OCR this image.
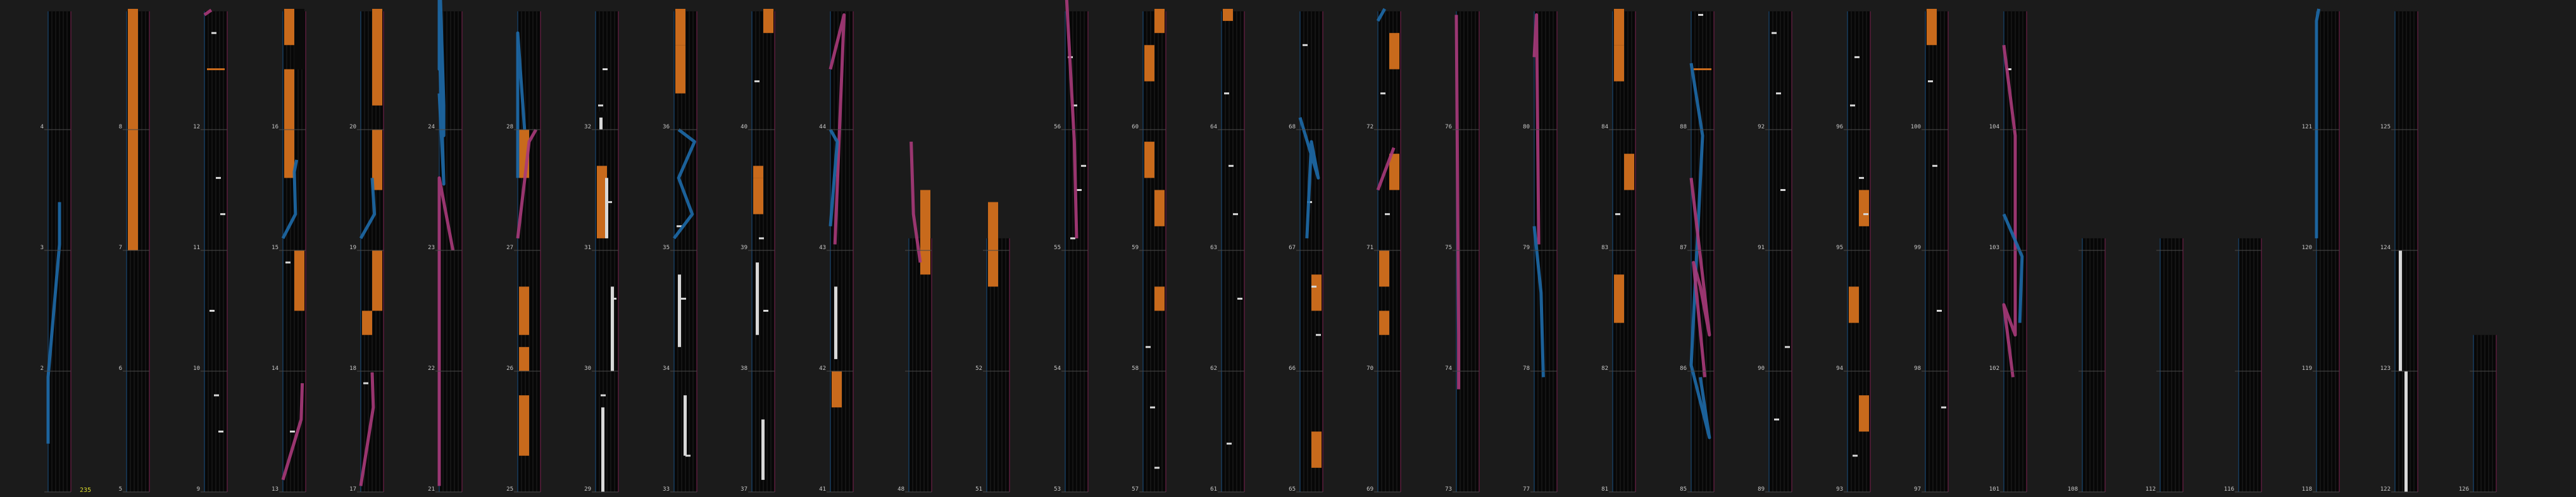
2
3
4
5
6
7
8
9
10
11
12
13
14
15
16
17
18
19
20
21
22
23
24
25
26
27
28
29
30
31
32
33
34
35
36
37
38
39
40
41
42
43
44
48	51
52
53
54
55
56
57
58
59
60
61
62
63
64
65
66
67
68
69
70
71
72
73
74
75
76
77
78
79
80
81
82
83
84
85
86
87
88
89
90
91
92
93
94
95
96
97
98
99
100
101
102
103
104
108	112	116	118
119
120
121
122
123
124
125
126
235
